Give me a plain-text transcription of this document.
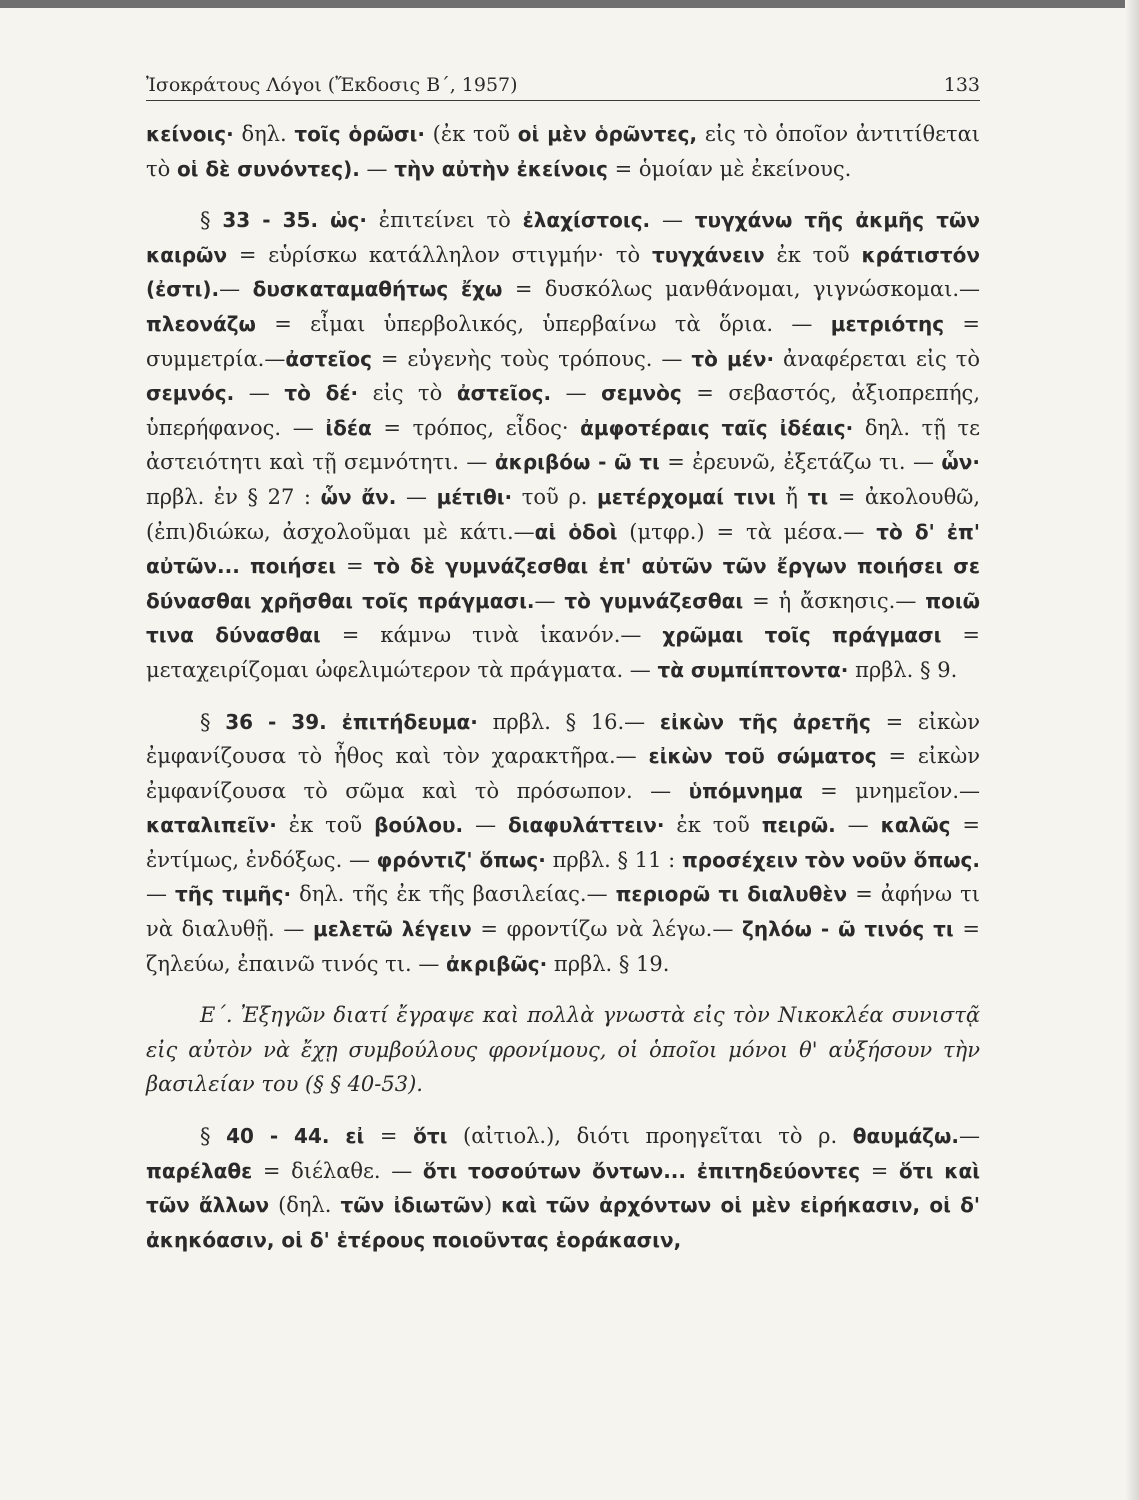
Ἰσοκράτους Λόγοι (Ἔκδοσις Β΄, 1957)	133

κείνοις· δηλ. τοῖς ὁρῶσι· (ἐκ τοῦ οἱ μὲν ὁρῶντες, εἰς τὸ ὁποῖον ἀντιτίθεται τὸ οἱ δὲ συνόντες). — τὴν αὐτὴν ἐκείνοις = ὁμοίαν μὲ ἐκείνους.

§ 33 - 35. ὡς· ἐπιτείνει τὸ ἐλαχίστοις. — τυγχάνω τῆς ἀκμῆς τῶν καιρῶν = εὑρίσκω κατάλληλον στιγμήν· τὸ τυγχάνειν ἐκ τοῦ κράτιστόν (ἐστι).— δυσκαταμαθήτως ἔχω = δυσκόλως μανθάνομαι, γιγνώσκομαι.— πλεονάζω = εἶμαι ὑπερβολικός, ὑπερβαίνω τὰ ὅρια. — μετριότης = συμμετρία.—ἀστεῖος = εὐγενὴς τοὺς τρόπους. — τὸ μέν· ἀναφέρεται εἰς τὸ σεμνός. — τὸ δέ· εἰς τὸ ἀστεῖος. — σεμνὸς = σεβαστός, ἀξιοπρεπής, ὑπερήφανος. — ἰδέα = τρόπος, εἶδος· ἀμφοτέραις ταῖς ἰδέαις· δηλ. τῇ τε ἀστειότητι καὶ τῇ σεμνότητι. — ἀκριβόω - ῶ τι = ἐρευνῶ, ἐξετάζω τι. — ὧν· πρβλ. ἐν § 27 : ὧν ἄν. — μέτιθι· τοῦ ρ. μετέρχομαί τινι ἤ τι = ἀκολουθῶ, (ἐπι)διώκω, ἀσχολοῦμαι μὲ κάτι.—αἱ ὁδοὶ (μτφρ.) = τὰ μέσα.— τὸ δ' ἐπ' αὐτῶν... ποιήσει = τὸ δὲ γυμνάζεσθαι ἐπ' αὐτῶν τῶν ἔργων ποιήσει σε δύνασθαι χρῆσθαι τοῖς πράγμασι.— τὸ γυμνάζεσθαι = ἡ ἄσκησις.— ποιῶ τινα δύνασθαι = κάμνω τινὰ ἱκανόν.— χρῶμαι τοῖς πράγμασι = μεταχειρίζομαι ὠφελιμώτερον τὰ πράγματα. — τὰ συμπίπτοντα· πρβλ. § 9.

§ 36 - 39. ἐπιτήδευμα· πρβλ. § 16.— εἰκὼν τῆς ἀρετῆς = εἰκὼν ἐμφανίζουσα τὸ ἦθος καὶ τὸν χαρακτῆρα.— εἰκὼν τοῦ σώματος = εἰκὼν ἐμφανίζουσα τὸ σῶμα καὶ τὸ πρόσωπον. — ὑπόμνημα = μνημεῖον.— καταλιπεῖν· ἐκ τοῦ βούλου. — διαφυλάττειν· ἐκ τοῦ πειρῶ. — καλῶς = ἐντίμως, ἐνδόξως. — φρόντιζ' ὅπως· πρβλ. § 11 : προσέχειν τὸν νοῦν ὅπως.— τῆς τιμῆς· δηλ. τῆς ἐκ τῆς βασιλείας.— περιορῶ τι διαλυθὲν = ἀφήνω τι νὰ διαλυθῇ. — μελετῶ λέγειν = φροντίζω νὰ λέγω.— ζηλόω - ῶ τινός τι = ζηλεύω, ἐπαινῶ τινός τι. — ἀκριβῶς· πρβλ. § 19.

Ε΄. Ἐξηγῶν διατί ἔγραψε καὶ πολλὰ γνωστὰ εἰς τὸν Νικοκλέα συνιστᾷ εἰς αὐτὸν νὰ ἔχῃ συμβούλους φρονίμους, οἱ ὁποῖοι μόνοι θ' αὐξήσουν τὴν βασιλείαν του (§ § 40-53).

§ 40 - 44. εἰ = ὅτι (αἰτιολ.), διότι προηγεῖται τὸ ρ. θαυμάζω.— παρέλαθε = διέλαθε. — ὅτι τοσούτων ὄντων... ἐπιτηδεύοντες = ὅτι καὶ τῶν ἄλλων (δηλ. τῶν ἰδιωτῶν) καὶ τῶν ἀρχόντων οἱ μὲν εἰρήκασιν, οἱ δ' ἀκηκόασιν, οἱ δ' ἑτέρους ποιοῦντας ἑοράκασιν,
